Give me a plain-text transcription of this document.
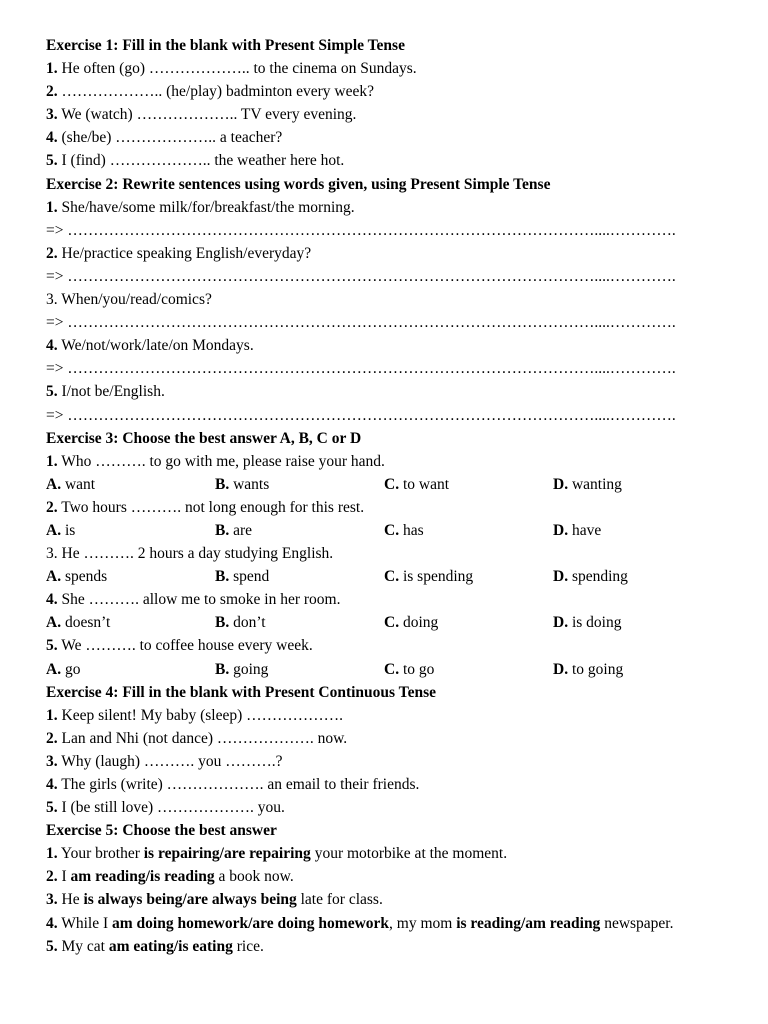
Exercise 1: Fill in the blank with Present Simple Tense
1. He often (go) ……………….. to the cinema on Sundays.
2. ……………….. (he/play) badminton every week?
3. We (watch) ……………….. TV every evening.
4. (she/be) ……………….. a teacher?
5. I (find) ……………….. the weather here hot.
Exercise 2: Rewrite sentences using words given, using Present Simple Tense
1. She/have/some milk/for/breakfast/the morning.
=> …………………………………………………………………………………………....………….
2. He/practice speaking English/everyday?
=> …………………………………………………………………………………………....………….
3. When/you/read/comics?
=> …………………………………………………………………………………………....………….
4. We/not/work/late/on Mondays.
=> …………………………………………………………………………………………....………….
5. I/not be/English.
=> …………………………………………………………………………………………....………….
Exercise 3: Choose the best answer A, B, C or D
1. Who ………. to go with me, please raise your hand.
A. want	B. wants	C. to want	D. wanting
2. Two hours ………. not long enough for this rest.
A. is	B. are	C. has	D. have
3. He ………. 2 hours a day studying English.
A. spends	B. spend	C. is spending	D. spending
4. She ………. allow me to smoke in her room.
A. doesn’t	B. don’t	C. doing	D. is doing
5. We ………. to coffee house every week.
A. go	B. going	C. to go	D. to going
Exercise 4: Fill in the blank with Present Continuous Tense
1. Keep silent! My baby (sleep) ……………….
2. Lan and Nhi (not dance) ………………. now.
3. Why (laugh) ………. you ……….?
4. The girls (write) ………………. an email to their friends.
5. I (be still love) ………………. you.
Exercise 5: Choose the best answer
1. Your brother is repairing/are repairing your motorbike at the moment.
2. I am reading/is reading a book now.
3. He is always being/are always being late for class.
4. While I am doing homework/are doing homework, my mom is reading/am reading newspaper.
5. My cat am eating/is eating rice.
